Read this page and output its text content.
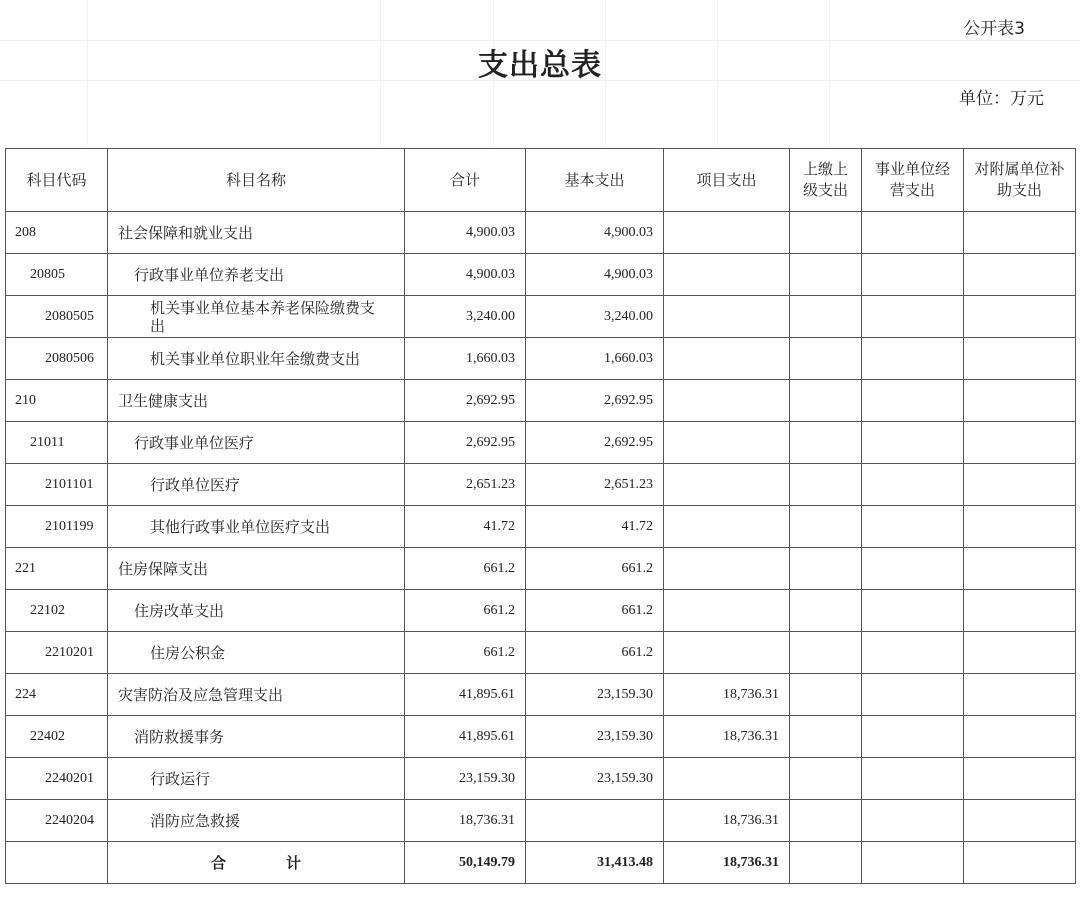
公开表3
支出总表
单位：万元
科目代码	科目名称	合计	基本支出	项目支出	上缴上级支出	事业单位经营支出	对附属单位补助支出
208	社会保障和就业支出	4,900.03	4,900.03				
20805	行政事业单位养老支出	4,900.03	4,900.03				
2080505	机关事业单位基本养老保险缴费支出	3,240.00	3,240.00				
2080506	机关事业单位职业年金缴费支出	1,660.03	1,660.03				
210	卫生健康支出	2,692.95	2,692.95				
21011	行政事业单位医疗	2,692.95	2,692.95				
2101101	行政单位医疗	2,651.23	2,651.23				
2101199	其他行政事业单位医疗支出	41.72	41.72				
221	住房保障支出	661.2	661.2				
22102	住房改革支出	661.2	661.2				
2210201	住房公积金	661.2	661.2				
224	灾害防治及应急管理支出	41,895.61	23,159.30	18,736.31			
22402	消防救援事务	41,895.61	23,159.30	18,736.31			
2240201	行政运行	23,159.30	23,159.30				
2240204	消防应急救援	18,736.31		18,736.31			
	合 计	50,149.79	31,413.48	18,736.31			
